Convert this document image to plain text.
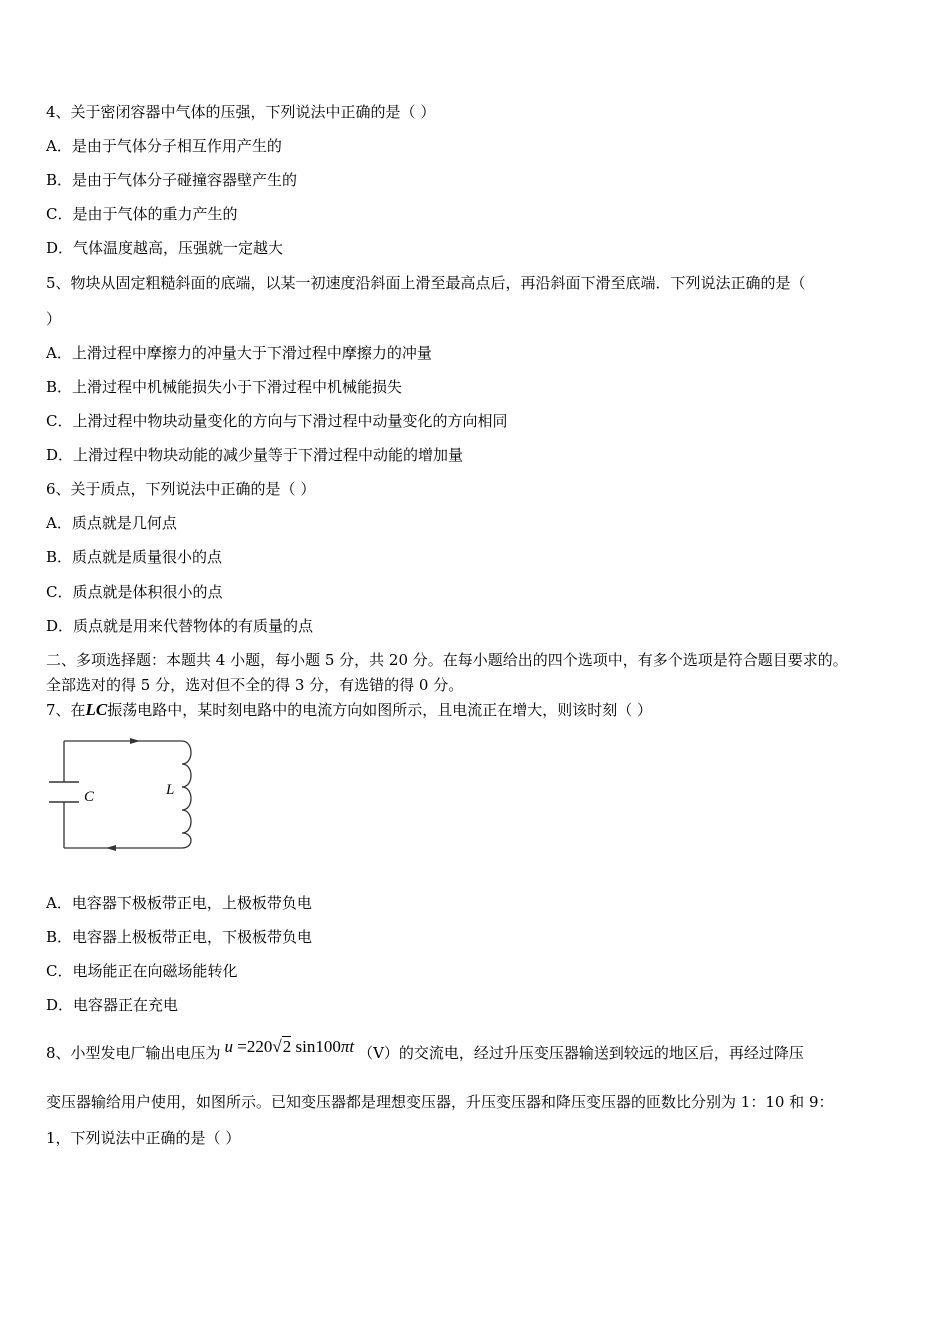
4、关于密闭容器中气体的压强，下列说法中正确的是（ ）
A．是由于气体分子相互作用产生的
B．是由于气体分子碰撞容器壁产生的
C．是由于气体的重力产生的
D．气体温度越高，压强就一定越大
5、物块从固定粗糙斜面的底端，以某一初速度沿斜面上滑至最高点后，再沿斜面下滑至底端．下列说法正确的是（
）
A．上滑过程中摩擦力的冲量大于下滑过程中摩擦力的冲量
B．上滑过程中机械能损失小于下滑过程中机械能损失
C．上滑过程中物块动量变化的方向与下滑过程中动量变化的方向相同
D．上滑过程中物块动能的减少量等于下滑过程中动能的增加量
6、关于质点，下列说法中正确的是（ ）
A．质点就是几何点
B．质点就是质量很小的点
C．质点就是体积很小的点
D．质点就是用来代替物体的有质量的点
二、多项选择题：本题共 4 小题，每小题 5 分，共 20 分。在每小题给出的四个选项中，有多个选项是符合题目要求的。
全部选对的得 5 分，选对但不全的得 3 分，有选错的得 0 分。
7、在LC振荡电路中，某时刻电路中的电流方向如图所示，且电流正在增大，则该时刻（ ）
C	L
A．电容器下极板带正电，上极板带负电
B．电容器上极板带正电，下极板带负电
C．电场能正在向磁场能转化
D．电容器正在充电
8、小型发电厂输出电压为 u =220√2 sin100πt （V）的交流电，经过升压变压器输送到较远的地区后，再经过降压
变压器输给用户使用，如图所示。已知变压器都是理想变压器，升压变压器和降压变压器的匝数比分别为 1：10 和 9：
1，下列说法中正确的是（ ）
